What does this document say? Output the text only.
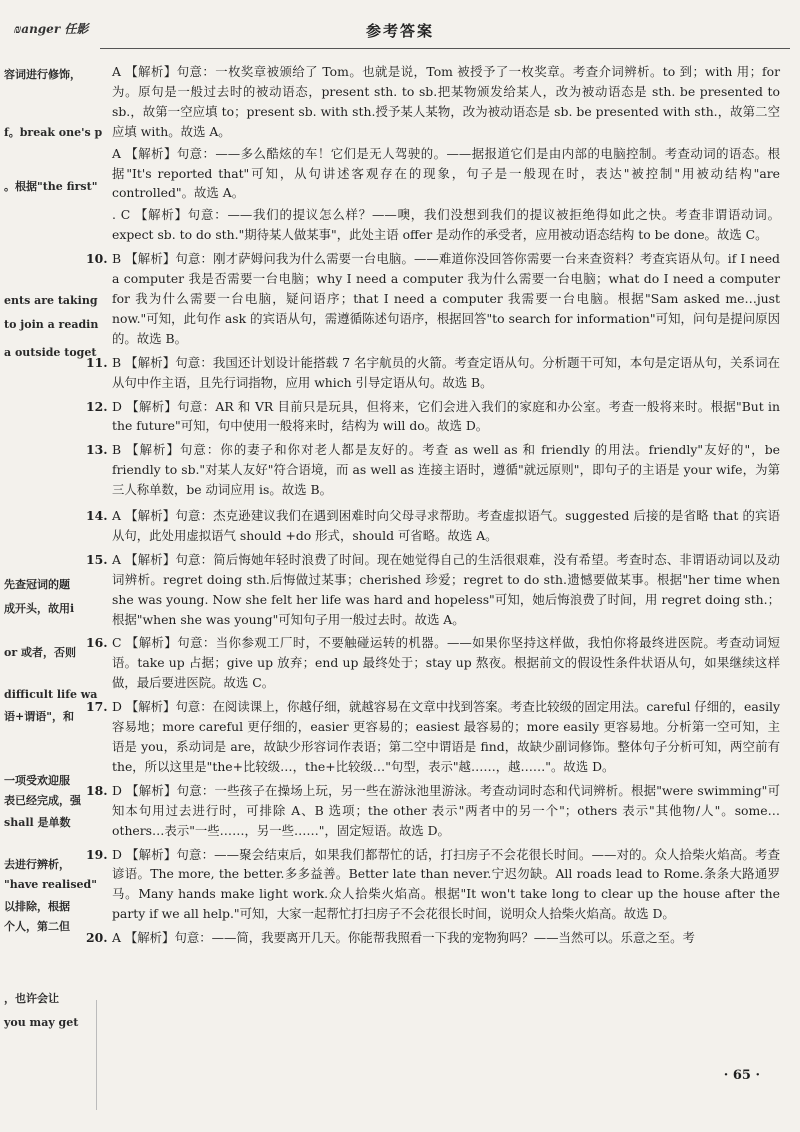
₪anger 任影	参考答案
容词进行修饰，
f。break one's p
。根据"the first"
ents are taking
to join a readin
a outside toget
先查冠词的题
成开头，故用i
or 或者，否则
difficult life wa
语+谓语"，和
一项受欢迎服
表已经完成，强
shall 是单数
去进行辨析，
"have realised"
以排除，根据
个人，第二但
，也许会让
you may get

A 【解析】句意：一枚奖章被颁给了 Tom。也就是说，Tom 被授予了一枚奖章。考查介词辨析。to 到；with 用；for 为。原句是一般过去时的被动语态，present sth. to sb.把某物颁发给某人，改为被动语态是 sth. be presented to sb.，故第一空应填 to；present sb. with sth.授予某人某物，改为被动语态是 sb. be presented with sth.，故第二空应填 with。故选 A。

A 【解析】句意：——多么酷炫的车！它们是无人驾驶的。——据报道它们是由内部的电脑控制。考查动词的语态。根据"It's reported that"可知，从句讲述客观存在的现象，句子是一般现在时，表达"被控制"用被动结构"are controlled"。故选 A。

. C 【解析】句意：——我们的提议怎么样？——噢，我们没想到我们的提议被拒绝得如此之快。考查非谓语动词。expect sb. to do sth."期待某人做某事"，此处主语 offer 是动作的承受者，应用被动语态结构 to be done。故选 C。

10. B 【解析】句意：刚才萨姆问我为什么需要一台电脑。——难道你没回答你需要一台来查资料？考查宾语从句。if I need a computer 我是否需要一台电脑；why I need a computer 我为什么需要一台电脑；what do I need a computer for 我为什么需要一台电脑，疑问语序；that I need a computer 我需要一台电脑。根据"Sam asked me…just now."可知，此句作 ask 的宾语从句，需遵循陈述句语序，根据回答"to search for information"可知，问句是提问原因的。故选 B。

11. B 【解析】句意：我国还计划设计能搭载 7 名宇航员的火箭。考查定语从句。分析题干可知，本句是定语从句，关系词在从句中作主语，且先行词指物，应用 which 引导定语从句。故选 B。

12. D 【解析】句意：AR 和 VR 目前只是玩具，但将来，它们会进入我们的家庭和办公室。考查一般将来时。根据"But in the future"可知，句中使用一般将来时，结构为 will do。故选 D。

13. B 【解析】句意：你的妻子和你对老人都是友好的。考查 as well as 和 friendly 的用法。friendly"友好的"，be friendly to sb."对某人友好"符合语境，而 as well as 连接主语时，遵循"就远原则"，即句子的主语是 your wife，为第三人称单数，be 动词应用 is。故选 B。

14. A 【解析】句意：杰克逊建议我们在遇到困难时向父母寻求帮助。考查虚拟语气。suggested 后接的是省略 that 的宾语从句，此处用虚拟语气 should +do 形式，should 可省略。故选 A。

15. A 【解析】句意：简后悔她年轻时浪费了时间。现在她觉得自己的生活很艰难，没有希望。考查时态、非谓语动词以及动词辨析。regret doing sth.后悔做过某事；cherished 珍爱；regret to do sth.遗憾要做某事。根据"her time when she was young. Now she felt her life was hard and hopeless"可知，她后悔浪费了时间，用 regret doing sth.；根据"when she was young"可知句子用一般过去时。故选 A。

16. C 【解析】句意：当你参观工厂时，不要触碰运转的机器。——如果你坚持这样做，我怕你将最终进医院。考查动词短语。take up 占据；give up 放弃；end up 最终处于；stay up 熬夜。根据前文的假设性条件状语从句，如果继续这样做，最后要进医院。故选 C。

17. D 【解析】句意：在阅读课上，你越仔细，就越容易在文章中找到答案。考查比较级的固定用法。careful 仔细的，easily 容易地；more careful 更仔细的，easier 更容易的；easiest 最容易的；more easily 更容易地。分析第一空可知，主语是 you，系动词是 are，故缺少形容词作表语；第二空中谓语是 find，故缺少副词修饰。整体句子分析可知，两空前有 the，所以这里是"the+比较级…，the+比较级…"句型，表示"越……，越……"。故选 D。

18. D 【解析】句意：一些孩子在操场上玩，另一些在游泳池里游泳。考查动词时态和代词辨析。根据"were swimming"可知本句用过去进行时，可排除 A、B 选项；the other 表示"两者中的另一个"；others 表示"其他物/人"。some…others…表示"一些……，另一些……"，固定短语。故选 D。

19. D 【解析】句意：——聚会结束后，如果我们都帮忙的话，打扫房子不会花很长时间。——对的。众人拾柴火焰高。考查谚语。The more, the better.多多益善。Better late than never.宁迟勿缺。All roads lead to Rome.条条大路通罗马。Many hands make light work.众人拾柴火焰高。根据"It won't take long to clear up the house after the party if we all help."可知，大家一起帮忙打扫房子不会花很长时间，说明众人拾柴火焰高。故选 D。

20. A 【解析】句意：——简，我要离开几天。你能帮我照看一下我的宠物狗吗？——当然可以。乐意之至。考

· 65 ·
